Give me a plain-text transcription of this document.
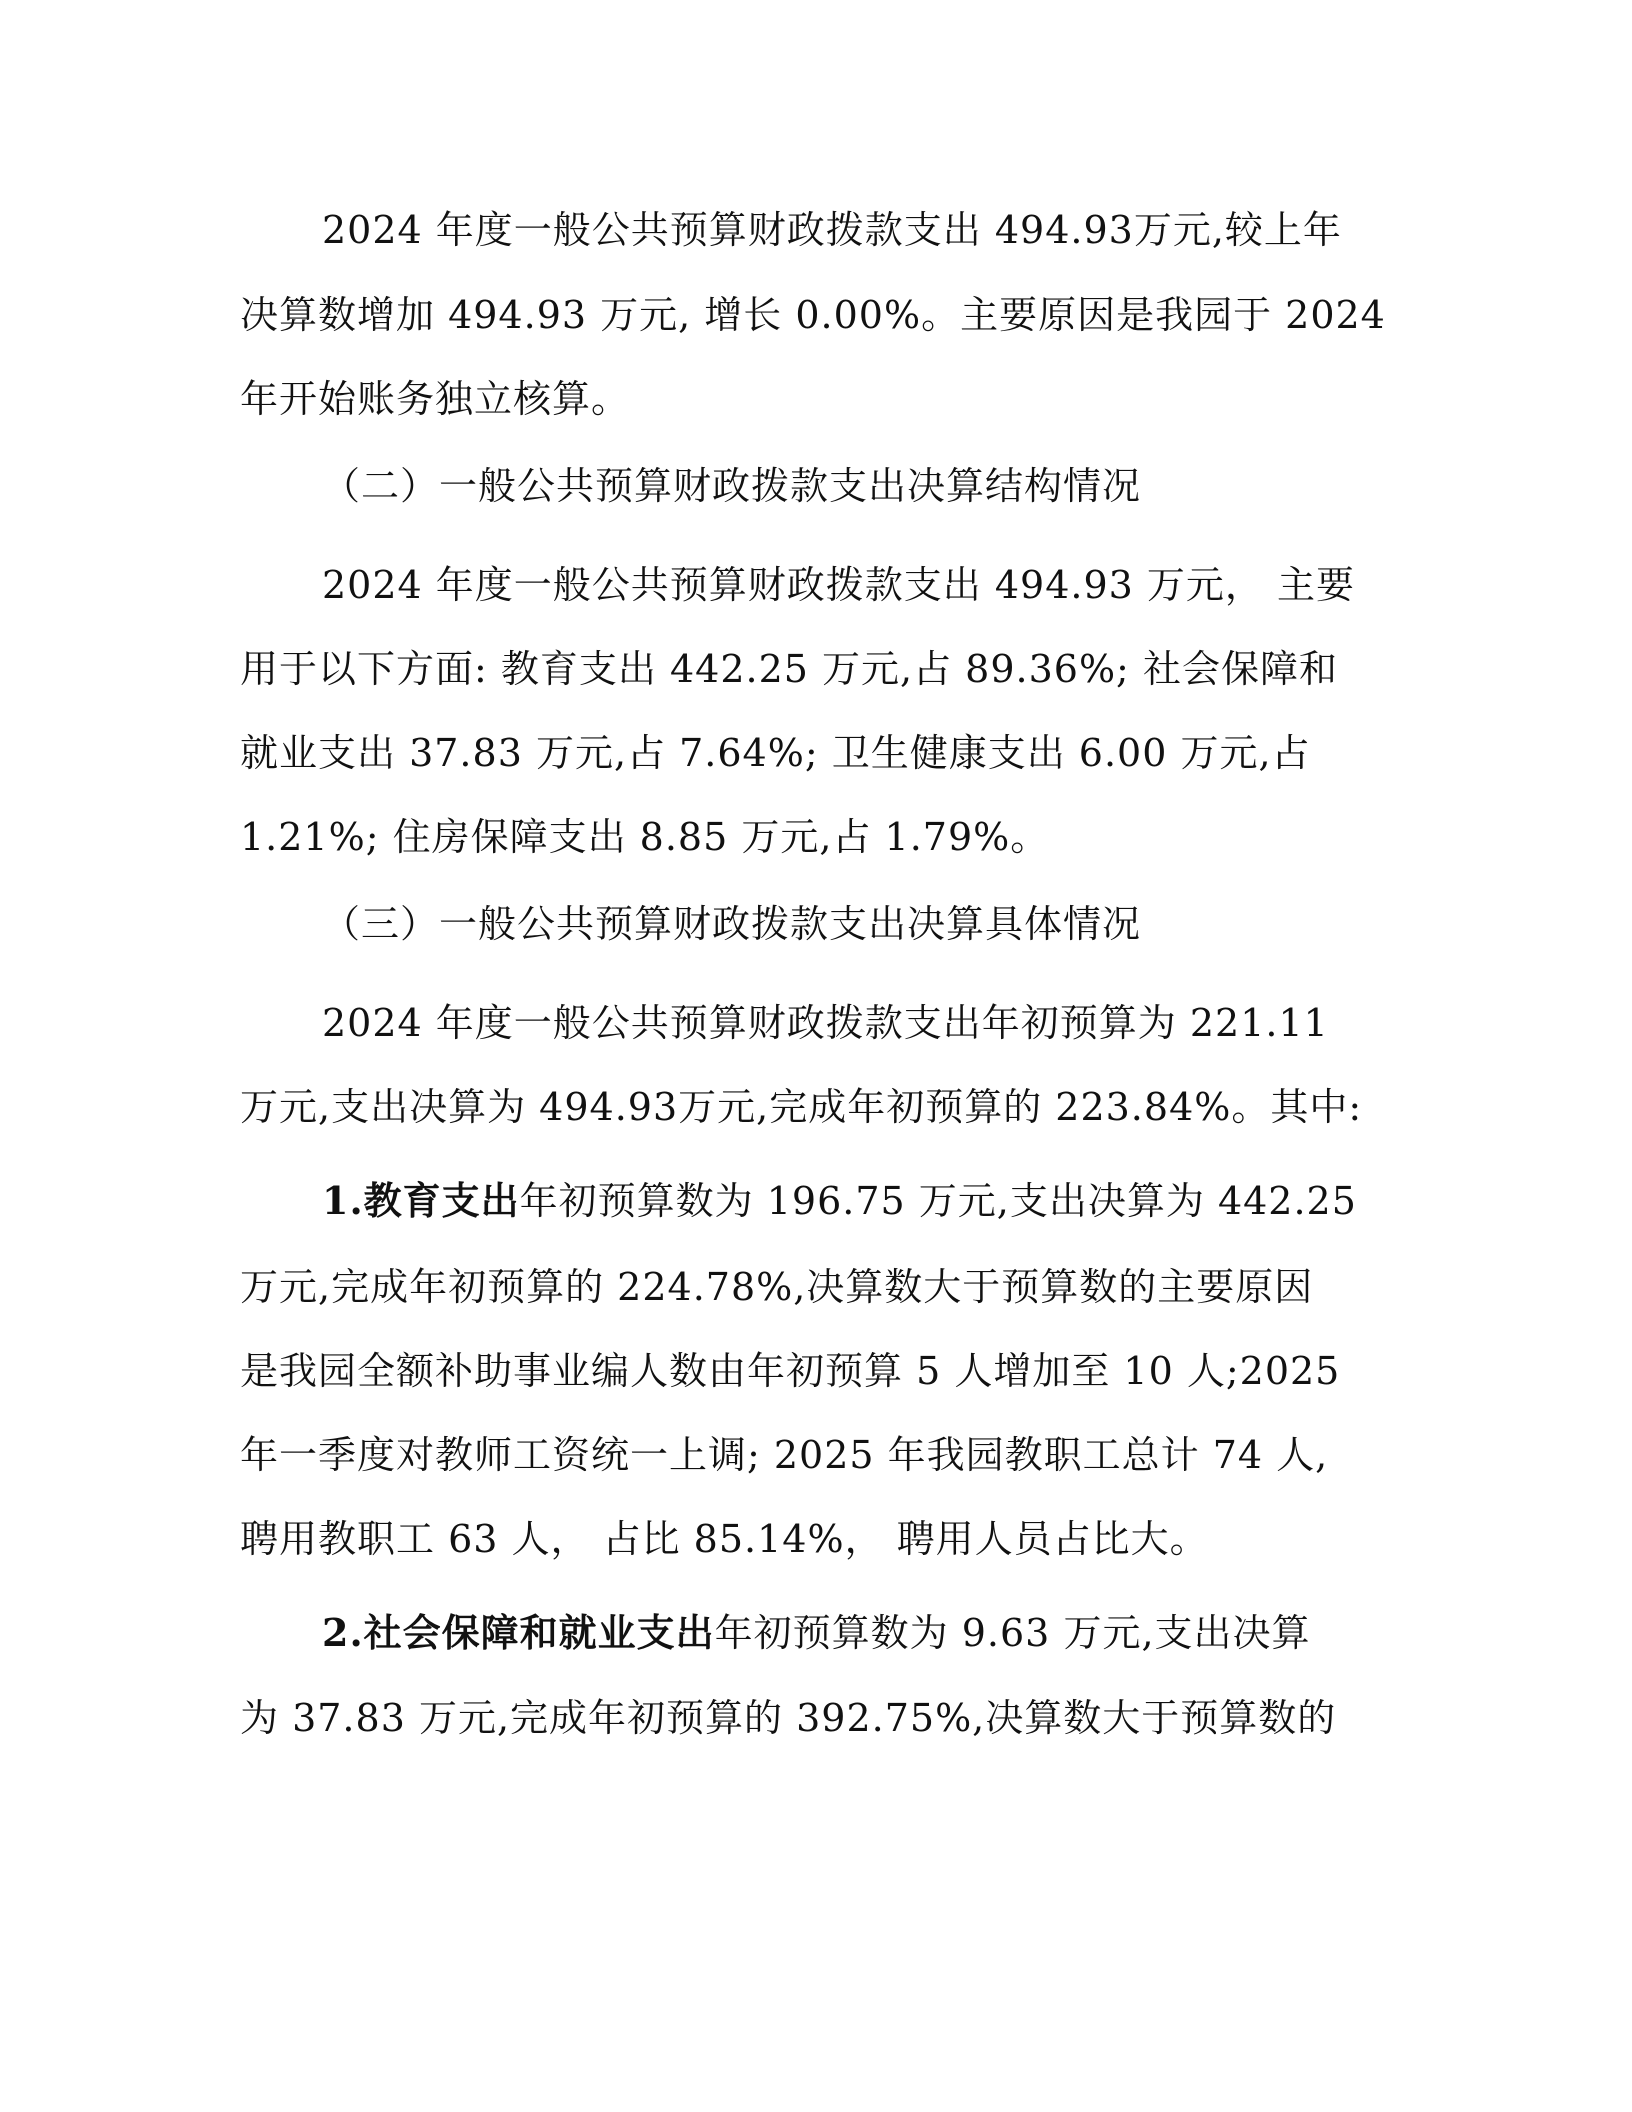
2024 年度一般公共预算财政拨款支出 494.93万元,较上年
决算数增加 494.93 万元, 增长 0.00%。主要原因是我园于 2024
年开始账务独立核算。
（二）一般公共预算财政拨款支出决算结构情况
2024 年度一般公共预算财政拨款支出 494.93 万元， 主要
用于以下方面: 教育支出 442.25 万元,占 89.36%; 社会保障和
就业支出 37.83 万元,占 7.64%; 卫生健康支出 6.00 万元,占
1.21%; 住房保障支出 8.85 万元,占 1.79%。
（三）一般公共预算财政拨款支出决算具体情况
2024 年度一般公共预算财政拨款支出年初预算为 221.11
万元,支出决算为 494.93万元,完成年初预算的 223.84%。其中:
1.教育支出年初预算数为 196.75 万元,支出决算为 442.25
万元,完成年初预算的 224.78%,决算数大于预算数的主要原因
是我园全额补助事业编人数由年初预算 5 人增加至 10 人;2025
年一季度对教师工资统一上调; 2025 年我园教职工总计 74 人,
聘用教职工 63 人， 占比 85.14%， 聘用人员占比大。
2.社会保障和就业支出年初预算数为 9.63 万元,支出决算
为 37.83 万元,完成年初预算的 392.75%,决算数大于预算数的
